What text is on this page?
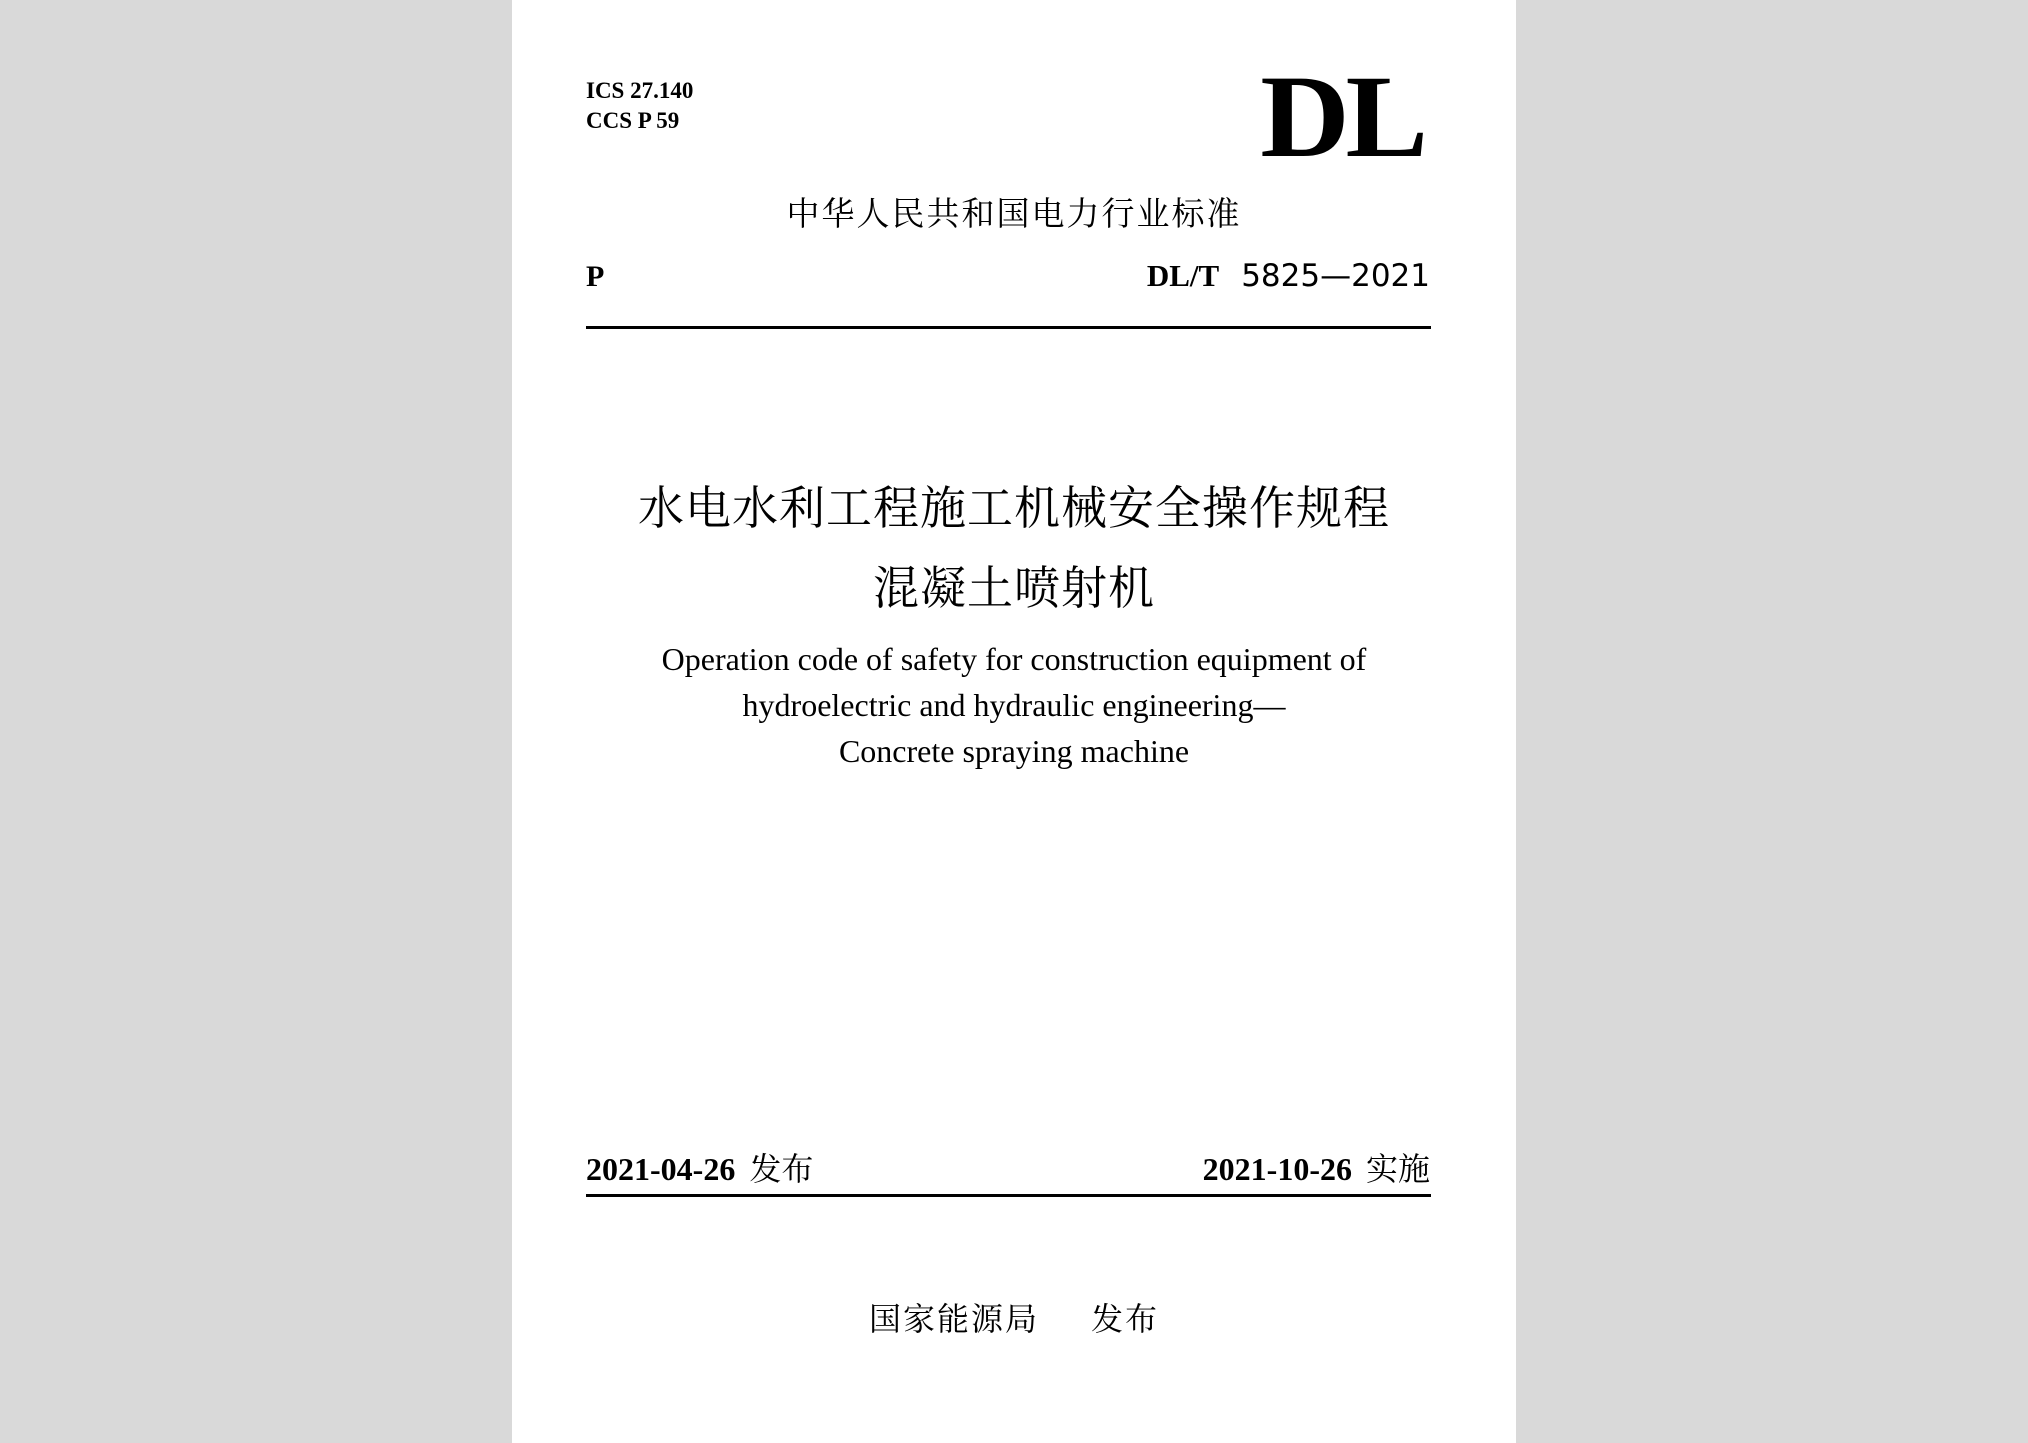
ICS 27.140
CCS P 59	DL
中华人民共和国电力行业标准
P	DL/T 5825—2021
水电水利工程施工机械安全操作规程
混凝土喷射机
Operation code of safety for construction equipment of
hydroelectric and hydraulic engineering—
Concrete spraying machine
2021-04-26 发布	2021-10-26 实施
国家能源局 发布
